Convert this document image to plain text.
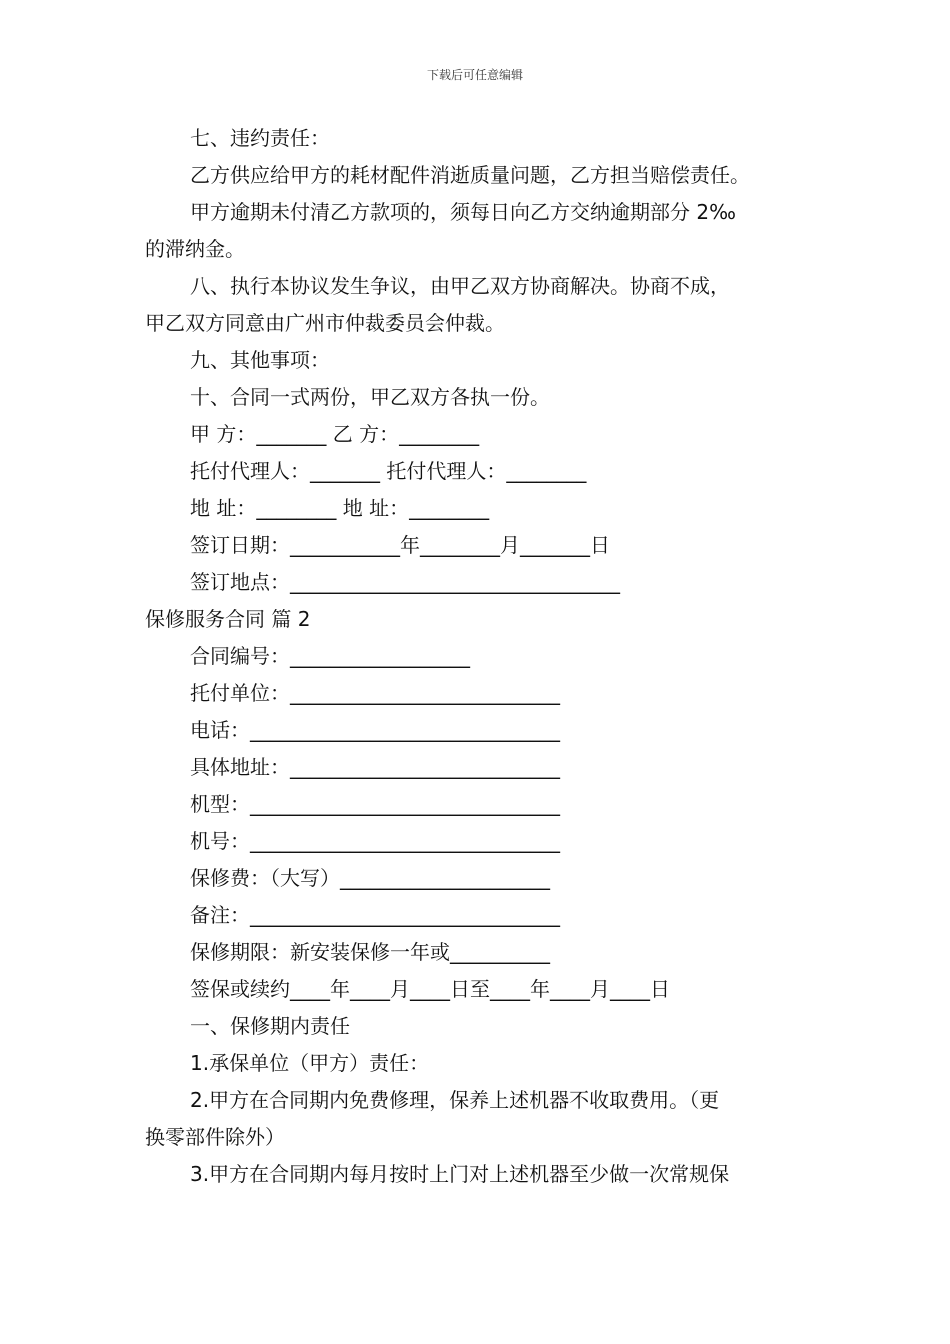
下载后可任意编辑
七、违约责任：
乙方供应给甲方的耗材配件消逝质量问题，乙方担当赔偿责任。
甲方逾期未付清乙方款项的，须每日向乙方交纳逾期部分 2‰
的滞纳金。
八、执行本协议发生争议，由甲乙双方协商解决。协商不成，
甲乙双方同意由广州市仲裁委员会仲裁。
九、其他事项：
十、合同一式两份，甲乙双方各执一份。
甲 方：_______ 乙 方：________
托付代理人：_______ 托付代理人：________
地 址：________ 地 址：________
签订日期：___________年________月_______日
签订地点：_________________________________
保修服务合同 篇 2
合同编号：__________________
托付单位：___________________________
电话：_______________________________
具体地址：___________________________
机型：_______________________________
机号：_______________________________
保修费：（大写）_____________________
备注：_______________________________
保修期限：新安装保修一年或__________
签保或续约____年____月____日至____年____月____日
一、保修期内责任
1.承保单位（甲方）责任：
2.甲方在合同期内免费修理，保养上述机器不收取费用。（更
换零部件除外）
3.甲方在合同期内每月按时上门对上述机器至少做一次常规保
